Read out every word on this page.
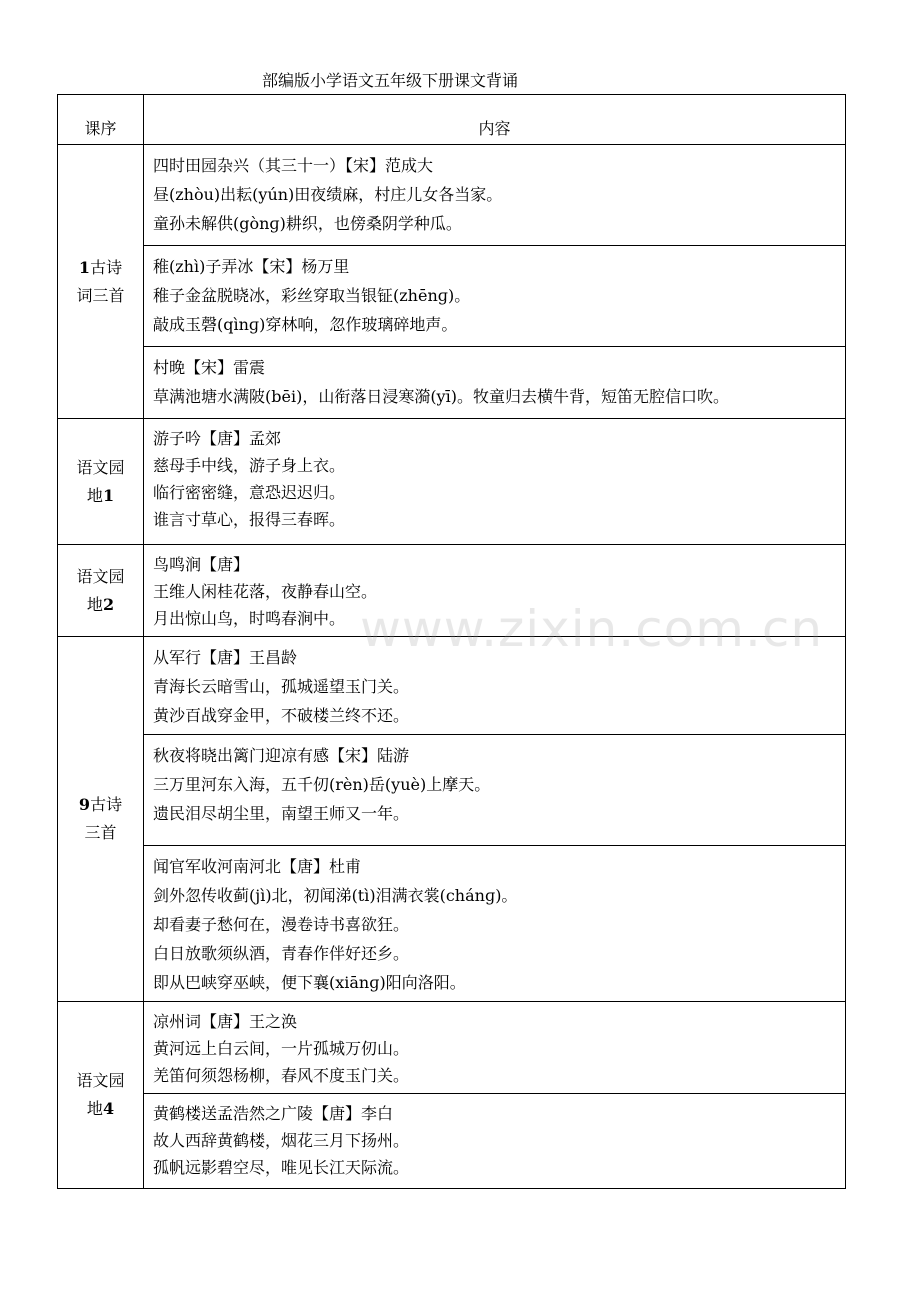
部编版小学语文五年级下册课文背诵
课序	内容
1古诗词三首	四时田园杂兴（其三十一）【宋】范成大
昼(zhòu)出耘(yún)田夜绩麻，村庄儿女各当家。
童孙未解供(gònɡ)耕织，也傍桑阴学种瓜。

	稚(zhì)子弄冰【宋】杨万里
稚子金盆脱晓冰，彩丝穿取当银钲(zhēnɡ)。
敲成玉磬(qìnɡ)穿林响，忽作玻璃碎地声。

	村晚【宋】雷震
草满池塘水满陂(bēi)，山衔落日浸寒漪(yī)。牧童归去横牛背，短笛无腔信口吹。

语文园地1	游子吟【唐】孟郊
慈母手中线，游子身上衣。
临行密密缝，意恐迟迟归。
谁言寸草心，报得三春晖。

语文园地2	鸟鸣涧【唐】
王维人闲桂花落，夜静春山空。
月出惊山鸟，时鸣春涧中。

9古诗三首	从军行【唐】王昌龄
青海长云暗雪山，孤城遥望玉门关。
黄沙百战穿金甲，不破楼兰终不还。

	秋夜将晓出篱门迎凉有感【宋】陆游
三万里河东入海，五千仞(rèn)岳(yuè)上摩天。
遗民泪尽胡尘里，南望王师又一年。

	闻官军收河南河北【唐】杜甫
剑外忽传收蓟(jì)北，初闻涕(tì)泪满衣裳(chánɡ)。
却看妻子愁何在，漫卷诗书喜欲狂。
白日放歌须纵酒，青春作伴好还乡。
即从巴峡穿巫峡，便下襄(xiānɡ)阳向洛阳。

语文园地4	凉州词【唐】王之涣
黄河远上白云间，一片孤城万仞山。
羌笛何须怨杨柳，春风不度玉门关。

	黄鹤楼送孟浩然之广陵【唐】李白
故人西辞黄鹤楼，烟花三月下扬州。
孤帆远影碧空尽，唯见长江天际流。
www.zixin.com.cn
